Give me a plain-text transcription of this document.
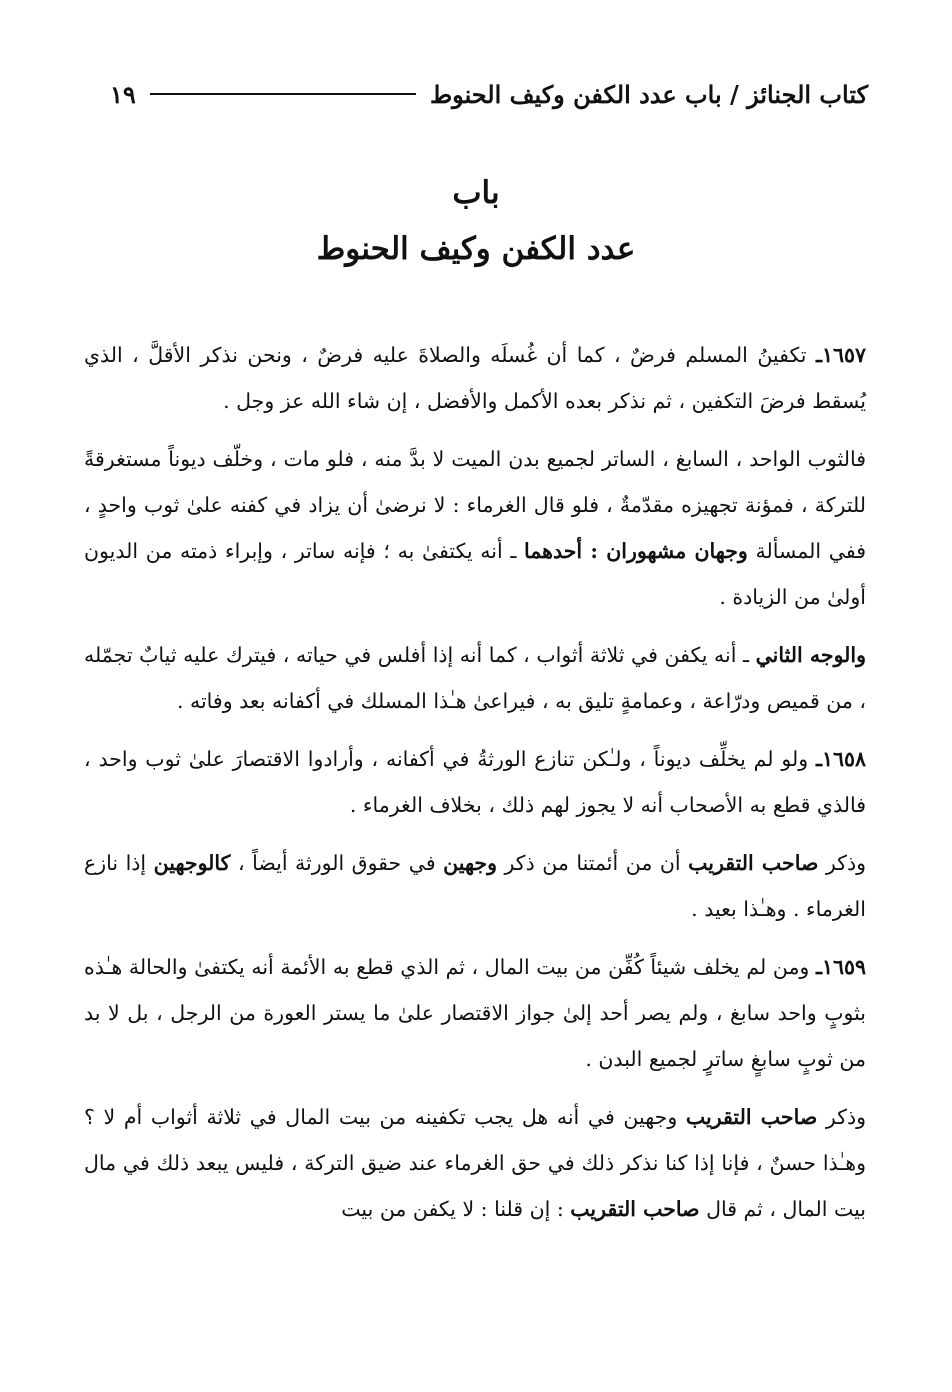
كتاب الجنائز / باب عدد الكفن وكيف الحنوط
١٩
باب
عدد الكفن وكيف الحنوط

١٦٥٧ـ تكفينُ المسلم فرضٌ ، كما أن غُسلَه والصلاةَ عليه فرضٌ ، ونحن نذكر الأقلَّ ، الذي يُسقط فرضَ التكفين ، ثم نذكر بعده الأكمل والأفضل ، إن شاء الله عز وجل .

فالثوب الواحد ، السابغ ، الساتر لجميع بدن الميت لا بدَّ منه ، فلو مات ، وخلّف ديوناً مستغرقةً للتركة ، فمؤنة تجهيزه مقدّمةٌ ، فلو قال الغرماء : لا نرضىٰ أن يزاد في كفنه علىٰ ثوب واحدٍ ، ففي المسألة وجهان مشهوران : أحدهما ـ أنه يكتفىٰ به ؛ فإنه ساتر ، وإبراء ذمته من الديون أولىٰ من الزيادة .

والوجه الثاني ـ أنه يكفن في ثلاثة أثواب ، كما أنه إذا أفلس في حياته ، فيترك عليه ثيابٌ تجمّله ، من قميص ودرّاعة ، وعمامةٍ تليق به ، فيراعىٰ هـٰذا المسلك في أكفانه بعد وفاته .

١٦٥٨ـ ولو لم يخلِّف ديوناً ، ولـٰكن تنازع الورثةُ في أكفانه ، وأرادوا الاقتصارَ علىٰ ثوب واحد ، فالذي قطع به الأصحاب أنه لا يجوز لهم ذلك ، بخلاف الغرماء .

وذكر صاحب التقريب أن من أئمتنا من ذكر وجهين في حقوق الورثة أيضاً ، كالوجهين إذا نازع الغرماء . وهـٰذا بعيد .

١٦٥٩ـ ومن لم يخلف شيئاً كُفِّن من بيت المال ، ثم الذي قطع به الأئمة أنه يكتفىٰ والحالة هـٰذه بثوبٍ واحد سابغ ، ولم يصر أحد إلىٰ جواز الاقتصار علىٰ ما يستر العورة من الرجل ، بل لا بد من ثوبٍ سابغٍ ساترٍ لجميع البدن .

وذكر صاحب التقريب وجهين في أنه هل يجب تكفينه من بيت المال في ثلاثة أثواب أم لا ؟ وهـٰذا حسنٌ ، فإنا إذا كنا نذكر ذلك في حق الغرماء عند ضيق التركة ، فليس يبعد ذلك في مال بيت المال ، ثم قال صاحب التقريب : إن قلنا : لا يكفن من بيت
